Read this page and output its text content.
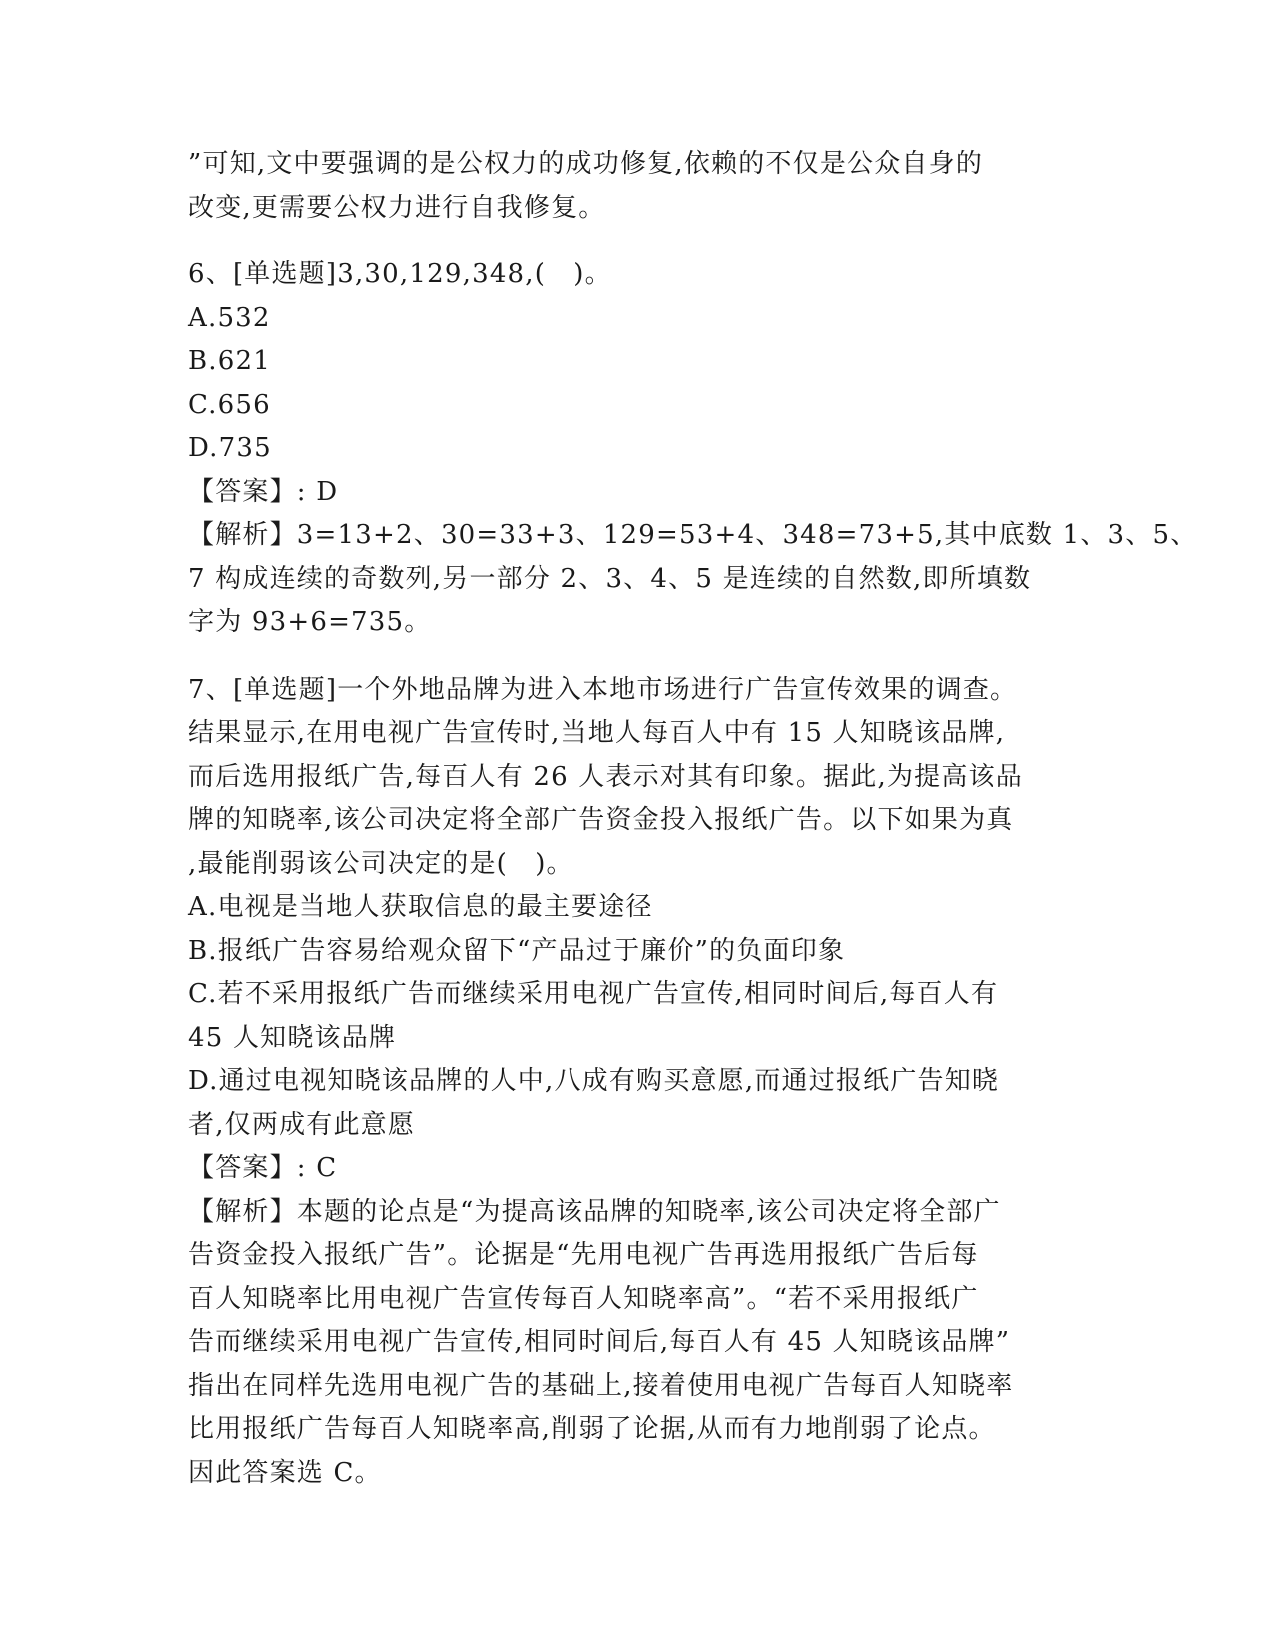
”可知,文中要强调的是公权力的成功修复,依赖的不仅是公众自身的
改变,更需要公权力进行自我修复。
6、[单选题]3,30,129,348,(　)。
A.532
B.621
C.656
D.735
【答案】: D
【解析】3=13+2、30=33+3、129=53+4、348=73+5,其中底数 1、3、5、
7 构成连续的奇数列,另一部分 2、3、4、5 是连续的自然数,即所填数
字为 93+6=735。
7、[单选题]一个外地品牌为进入本地市场进行广告宣传效果的调查。
结果显示,在用电视广告宣传时,当地人每百人中有 15 人知晓该品牌,
而后选用报纸广告,每百人有 26 人表示对其有印象。据此,为提高该品
牌的知晓率,该公司决定将全部广告资金投入报纸广告。以下如果为真
,最能削弱该公司决定的是(　)。
A.电视是当地人获取信息的最主要途径
B.报纸广告容易给观众留下“产品过于廉价”的负面印象
C.若不采用报纸广告而继续采用电视广告宣传,相同时间后,每百人有
45 人知晓该品牌
D.通过电视知晓该品牌的人中,八成有购买意愿,而通过报纸广告知晓
者,仅两成有此意愿
【答案】: C
【解析】本题的论点是“为提高该品牌的知晓率,该公司决定将全部广
告资金投入报纸广告”。论据是“先用电视广告再选用报纸广告后每
百人知晓率比用电视广告宣传每百人知晓率高”。“若不采用报纸广
告而继续采用电视广告宣传,相同时间后,每百人有 45 人知晓该品牌”
指出在同样先选用电视广告的基础上,接着使用电视广告每百人知晓率
比用报纸广告每百人知晓率高,削弱了论据,从而有力地削弱了论点。
因此答案选 C。
